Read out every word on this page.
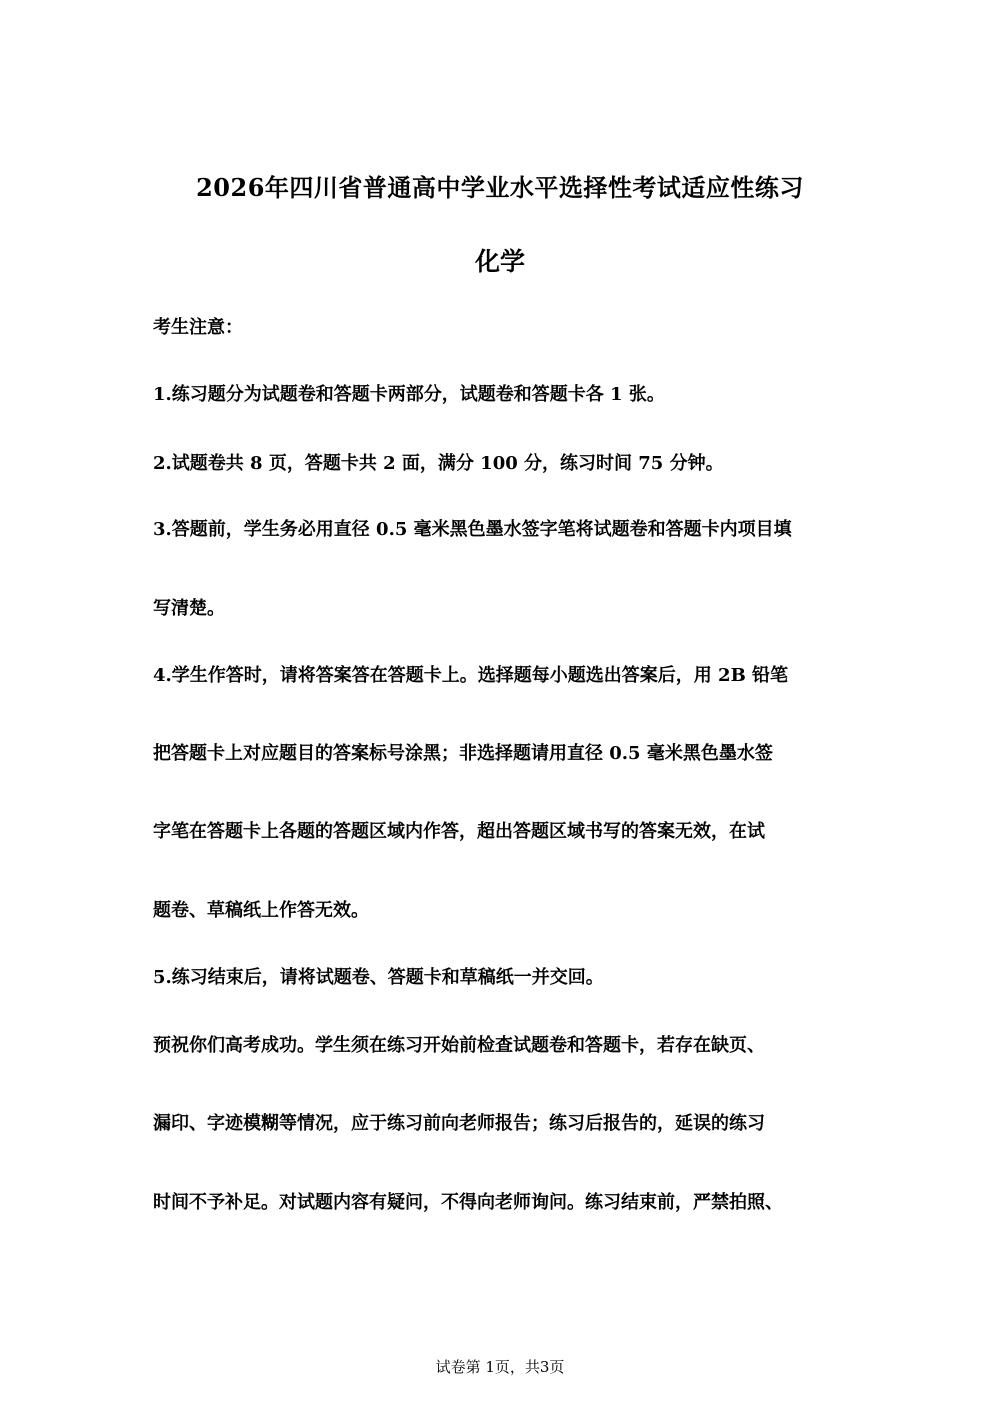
2026年四川省普通高中学业水平选择性考试适应性练习
化学
考生注意：
1.练习题分为试题卷和答题卡两部分，试题卷和答题卡各 1 张。
2.试题卷共 8 页，答题卡共 2 面，满分 100 分，练习时间 75 分钟。
3.答题前，学生务必用直径 0.5 毫米黑色墨水签字笔将试题卷和答题卡内项目填
写清楚。
4.学生作答时，请将答案答在答题卡上。选择题每小题选出答案后，用 2B 铅笔
把答题卡上对应题目的答案标号涂黑；非选择题请用直径 0.5 毫米黑色墨水签
字笔在答题卡上各题的答题区域内作答，超出答题区域书写的答案无效，在试
题卷、草稿纸上作答无效。
5.练习结束后，请将试题卷、答题卡和草稿纸一并交回。
预祝你们高考成功。学生须在练习开始前检查试题卷和答题卡，若存在缺页、
漏印、字迹模糊等情况，应于练习前向老师报告；练习后报告的，延误的练习
时间不予补足。对试题内容有疑问，不得向老师询问。练习结束前，严禁拍照、
试卷第 1页，共3页
